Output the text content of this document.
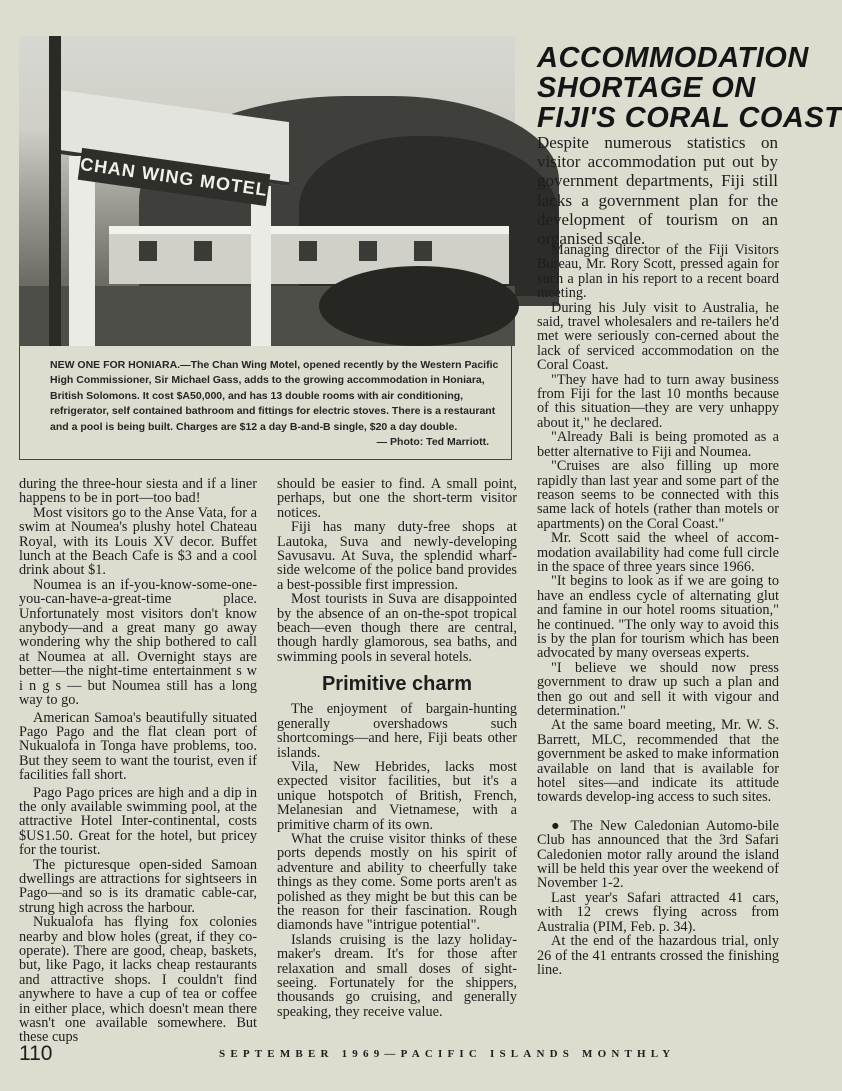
CHAN WING MOTEL
NEW ONE FOR HONIARA.—The Chan Wing Motel, opened recently by the Western Pacific High Commissioner, Sir Michael Gass, adds to the growing accommodation in Honiara, British Solomons. It cost $A50,000, and has 13 double rooms with air conditioning, refrigerator, self contained bathroom and fittings for electric stoves. There is a restaurant and a pool is being built. Charges are $12 a day B-and-B single, $20 a day double.
— Photo: Ted Marriott.
ACCOMMODATION
SHORTAGE ON
FIJI'S CORAL COAST
Despite numerous statistics on visitor accommodation put out by government departments, Fiji still lacks a government plan for the development of tourism on an organised scale.

during the three-hour siesta and if a liner happens to be in port—too bad!

Most visitors go to the Anse Vata, for a swim at Noumea's plushy hotel Chateau Royal, with its Louis XV decor. Buffet lunch at the Beach Cafe is $3 and a cool drink about $1.

Noumea is an if-you-know-some-one-you-can-have-a-great-time place. Unfortunately most visitors don't know anybody—and a great many go away wondering why the ship bothered to call at Noumea at all. Overnight stays are better—the night-time entertainment s w i n g s — but Noumea still has a long way to go.

American Samoa's beautifully situated Pago Pago and the flat clean port of Nukualofa in Tonga have problems, too. But they seem to want the tourist, even if facilities fall short.

Pago Pago prices are high and a dip in the only available swimming pool, at the attractive Hotel Inter-continental, costs $US1.50. Great for the hotel, but pricey for the tourist.

The picturesque open-sided Samoan dwellings are attractions for sightseers in Pago—and so is its dramatic cable-car, strung high across the harbour.

Nukualofa has flying fox colonies nearby and blow holes (great, if they co-operate). There are good, cheap, baskets, but, like Pago, it lacks cheap restaurants and attractive shops. I couldn't find anywhere to have a cup of tea or coffee in either place, which doesn't mean there wasn't one available somewhere. But these cups

should be easier to find. A small point, perhaps, but one the short-term visitor notices.

Fiji has many duty-free shops at Lautoka, Suva and newly-developing Savusavu. At Suva, the splendid wharf-side welcome of the police band provides a best-possible first impression.

Most tourists in Suva are disappointed by the absence of an on-the-spot tropical beach—even though there are central, though hardly glamorous, sea baths, and swimming pools in several hotels.

Primitive charm

The enjoyment of bargain-hunting generally overshadows such shortcomings—and here, Fiji beats other islands.

Vila, New Hebrides, lacks most expected visitor facilities, but it's a unique hotspotch of British, French, Melanesian and Vietnamese, with a primitive charm of its own.

What the cruise visitor thinks of these ports depends mostly on his spirit of adventure and ability to cheerfully take things as they come. Some ports aren't as polished as they might be but this can be the reason for their fascination. Rough diamonds have "intrigue potential".

Islands cruising is the lazy holiday-maker's dream. It's for those after relaxation and small doses of sight-seeing. Fortunately for the shippers, thousands go cruising, and generally speaking, they receive value.

Managing director of the Fiji Visitors Bureau, Mr. Rory Scott, pressed again for such a plan in his report to a recent board meeting.

During his July visit to Australia, he said, travel wholesalers and re-tailers he'd met were seriously con-cerned about the lack of serviced accommodation on the Coral Coast.

"They have had to turn away business from Fiji for the last 10 months because of this situation—they are very unhappy about it," he declared.

"Already Bali is being promoted as a better alternative to Fiji and Noumea.

"Cruises are also filling up more rapidly than last year and some part of the reason seems to be connected with this same lack of hotels (rather than motels or apartments) on the Coral Coast."

Mr. Scott said the wheel of accom-modation availability had come full circle in the space of three years since 1966.

"It begins to look as if we are going to have an endless cycle of alternating glut and famine in our hotel rooms situation," he continued. "The only way to avoid this is by the plan for tourism which has been advocated by many overseas experts.

"I believe we should now press government to draw up such a plan and then go out and sell it with vigour and determination."

At the same board meeting, Mr. W. S. Barrett, MLC, recommended that the government be asked to make information available on land that is available for hotel sites—and indicate its attitude towards develop-ing access to such sites.

● The New Caledonian Automo-bile Club has announced that the 3rd Safari Caledonien motor rally around the island will be held this year over the weekend of November 1-2.

Last year's Safari attracted 41 cars, with 12 crews flying across from Australia (PIM, Feb. p. 34).

At the end of the hazardous trial, only 26 of the 41 entrants crossed the finishing line.

110	SEPTEMBER 1969—PACIFIC ISLANDS MONTHLY
